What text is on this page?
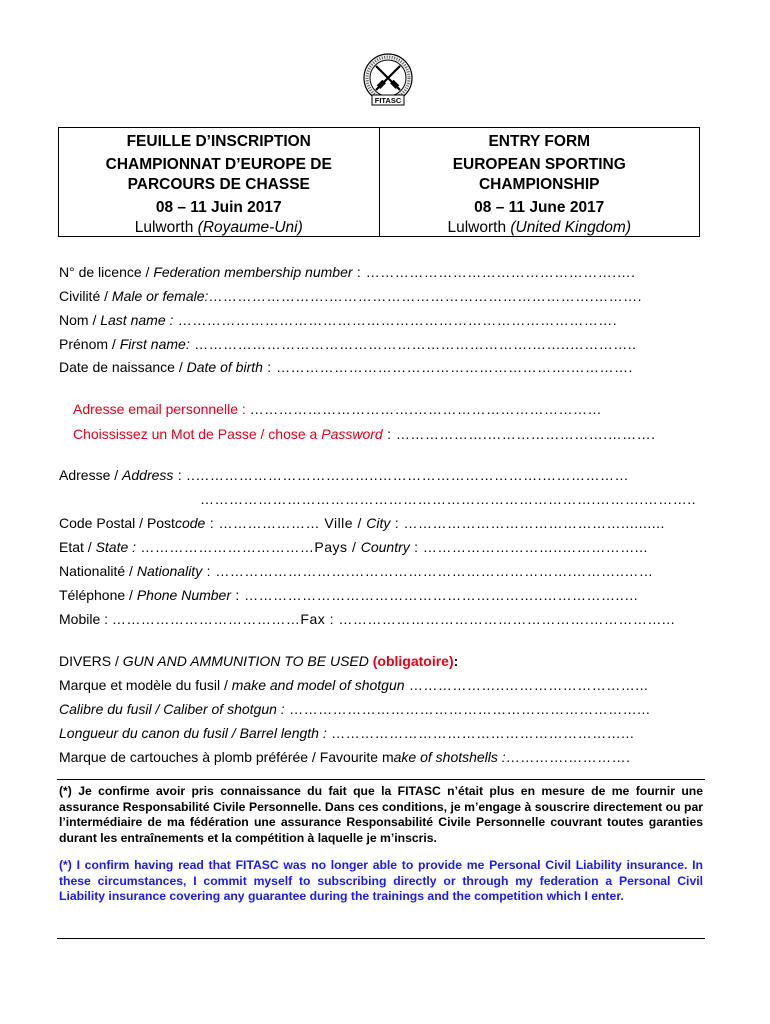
FITASC
FEUILLE D’INSCRIPTION
CHAMPIONNAT D’EUROPE DE
PARCOURS DE CHASSE
08 – 11 Juin 2017
Lulworth (Royaume-Uni)
ENTRY FORM
EUROPEAN SPORTING
CHAMPIONSHIP
08 – 11 June 2017
Lulworth (United Kingdom)
N° de licence / Federation membership number : …………………………………………….….
Civilité / Male or female:…………………….……………………………………………….……….
Nom / Last name : ……………………………………………………………………………….
Prénom / First name: …………………………………………………………….……..…………..
Date de naissance / Date of birth : …………………………………………………….………….
Adresse email personnelle : …………………………….…………………………………
Choississez un Mot de Passe / chose a Password : ……………….…………………….……….
Adresse / Address : ..………………………………..…………………………….………………
……………………………………………………………………….……….………..
Code Postal / Postcode : ………………… Ville / City : ………………………………………..........
Etat / State : ………………………………Pays / Country : ………………………..……………...
Nationalité / Nationality : ……………………….……………………………………….………..……
Téléphone / Phone Number : ……………………………………………………..……………..…
Mobile : …………………………………Fax : …………………………………………….……………...
DIVERS / GUN AND AMMUNITION TO BE USED (obligatoire):
Marque et modèle du fusil / make and model of shotgun ………………..………………………...
Calibre du fusil / Caliber of shotgun : ………………………………………………………………...
Longueur du canon du fusil / Barrel length : ……………………………………………………...
Marque de cartouches à plomb préférée / Favourite make of shotshells :………….………….
(*) Je confirme avoir pris connaissance du fait que la FITASC n’était plus en mesure de me fournir une assurance Responsabilité Civile Personnelle. Dans ces conditions, je m’engage à souscrire directement ou par l’intermédiaire de ma fédération une assurance Responsabilité Civile Personnelle couvrant toutes garanties durant les entraînements et la compétition à laquelle je m’inscris.
(*) I confirm having read that FITASC was no longer able to provide me Personal Civil Liability insurance. In these circumstances, I commit myself to subscribing directly or through my federation a Personal Civil Liability insurance covering any guarantee during the trainings and the competition which I enter.
